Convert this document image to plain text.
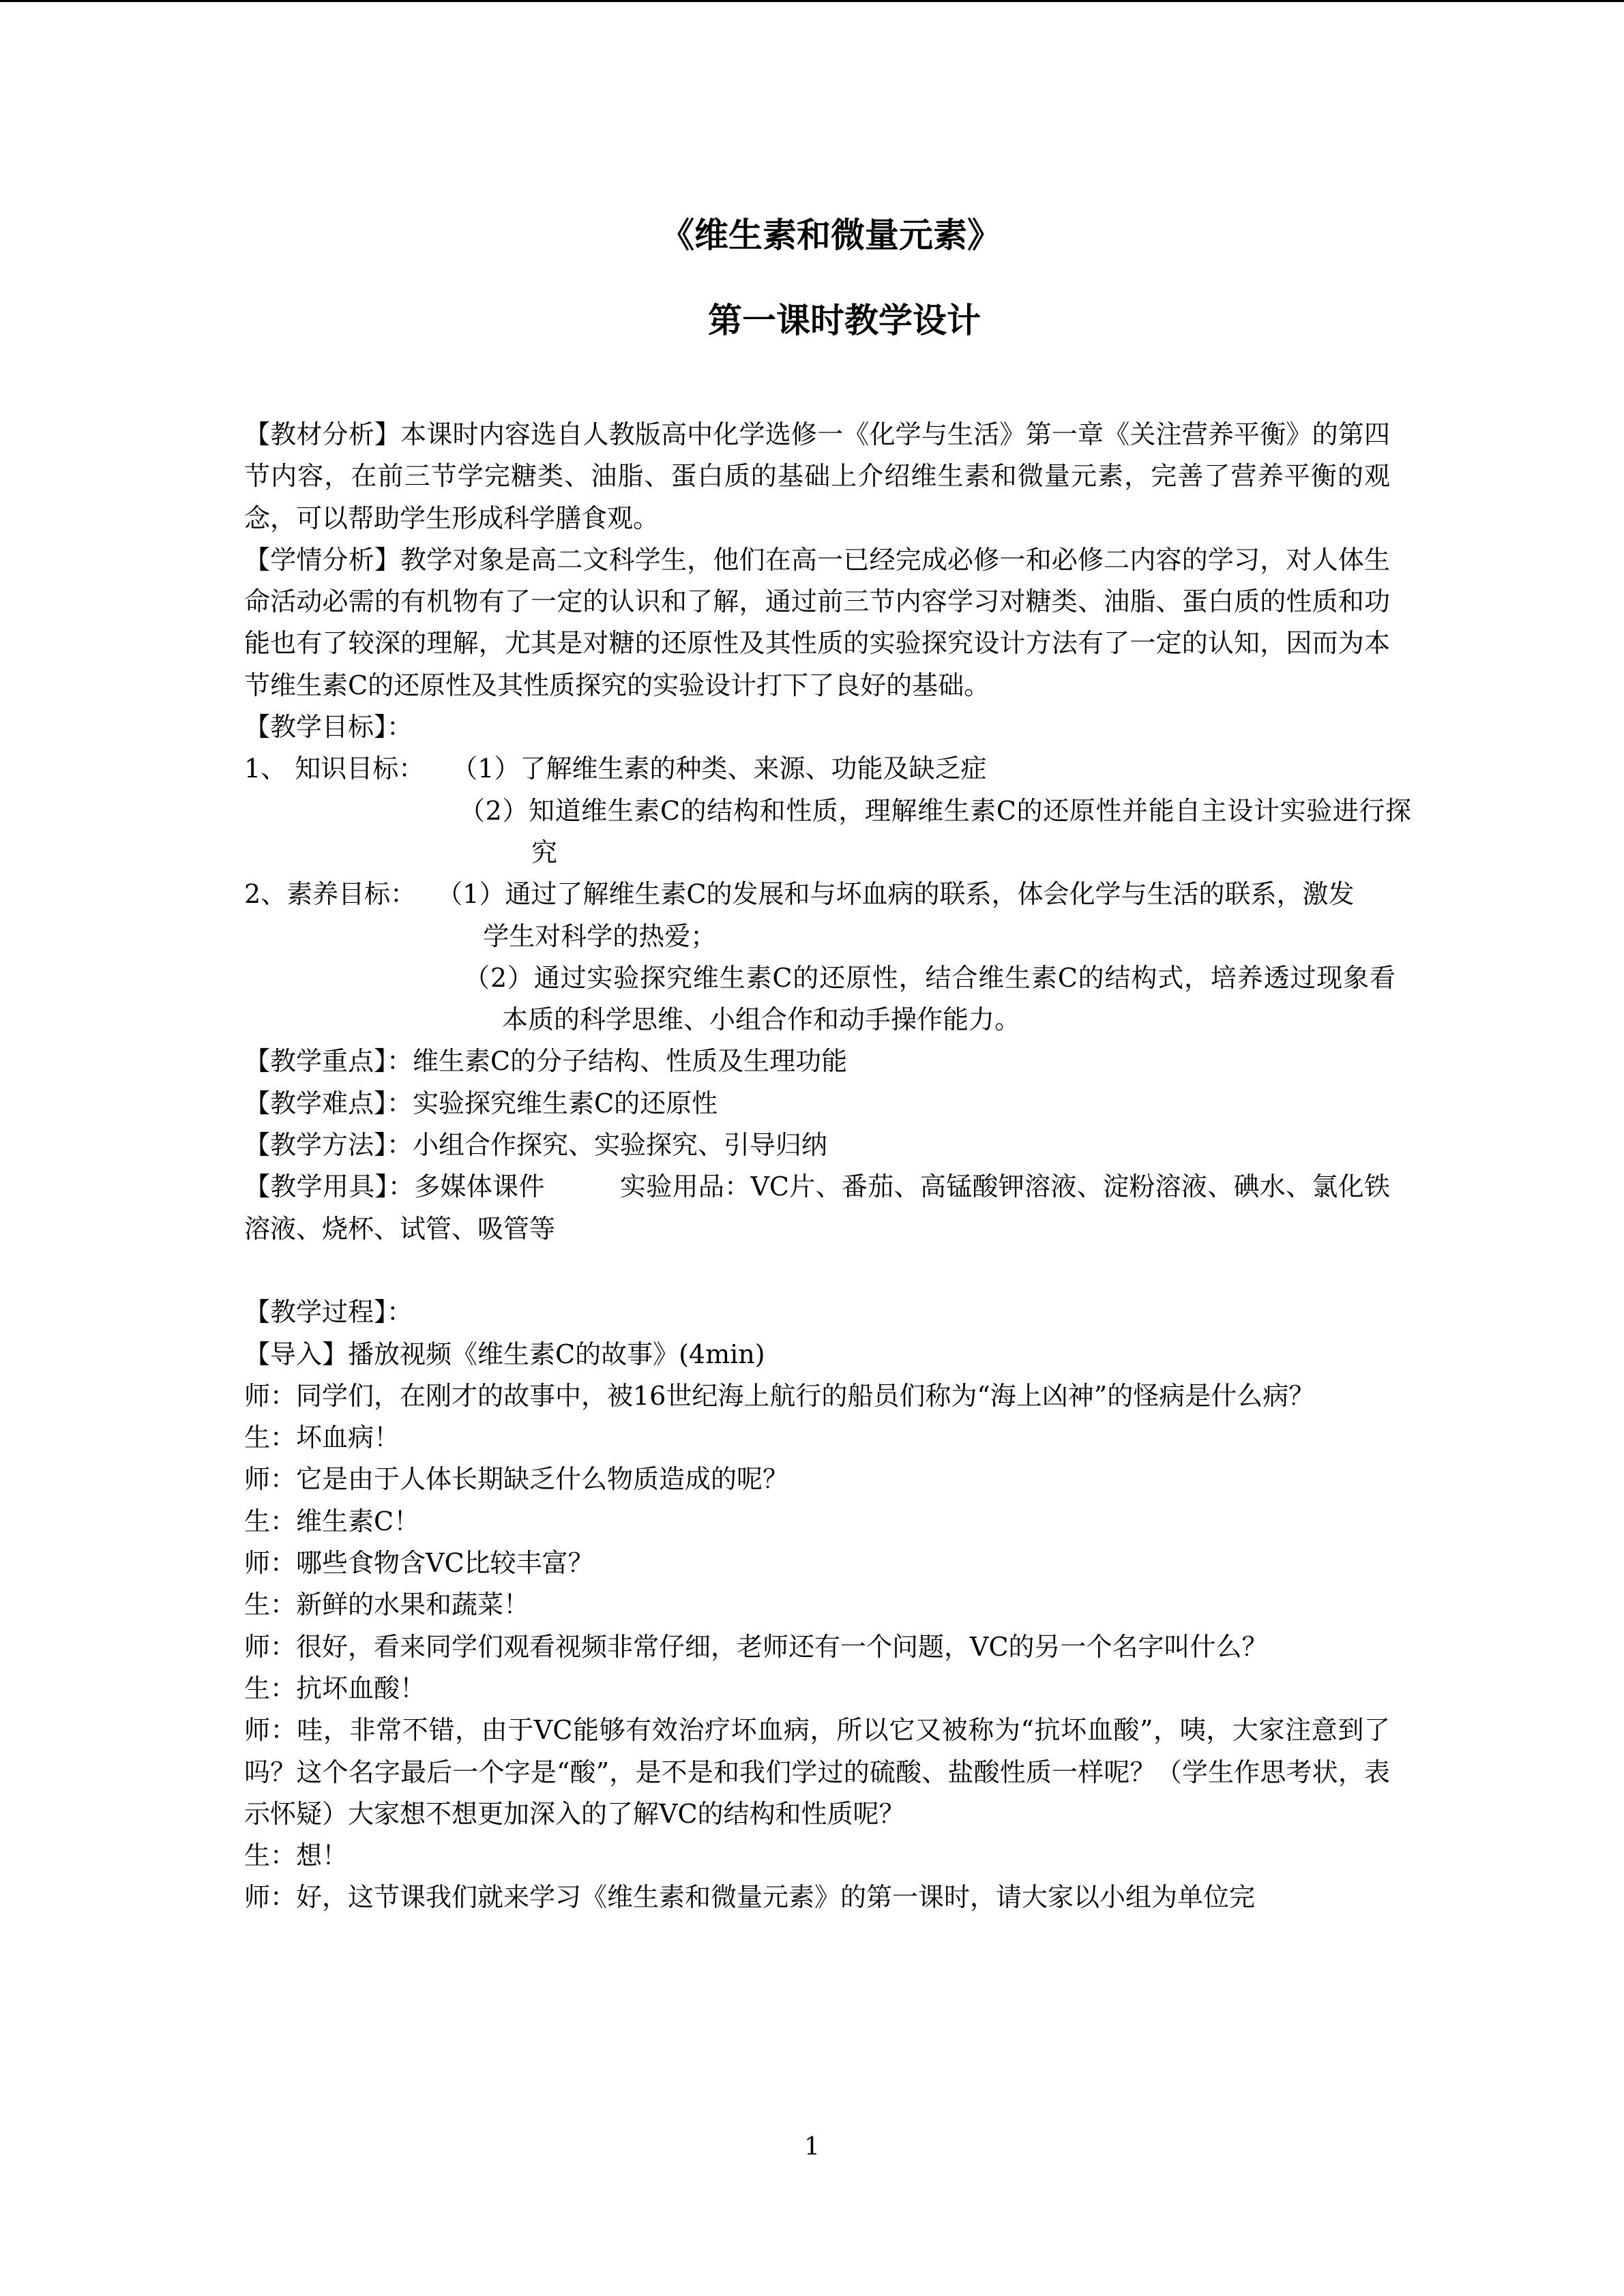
《维生素和微量元素》
第一课时教学设计

【教材分析】本课时内容选自人教版高中化学选修一《化学与生活》第一章《关注营养平衡》的第四节内容，在前三节学完糖类、油脂、蛋白质的基础上介绍维生素和微量元素，完善了营养平衡的观念，可以帮助学生形成科学膳食观。

【学情分析】教学对象是高二文科学生，他们在高一已经完成必修一和必修二内容的学习，对人体生命活动必需的有机物有了一定的认识和了解，通过前三节内容学习对糖类、油脂、蛋白质的性质和功能也有了较深的理解，尤其是对糖的还原性及其性质的实验探究设计方法有了一定的认知，因而为本节维生素C的还原性及其性质探究的实验设计打下了良好的基础。

【教学目标】：

1、 知识目标：	（1）了解维生素的种类、来源、功能及缺乏症

（2）知道维生素C的结构和性质，理解维生素C的还原性并能自主设计实验进行探究

2、素养目标： （1）通过了解维生素C的发展和与坏血病的联系，体会化学与生活的联系，激发学生对科学的热爱；

（2）通过实验探究维生素C的还原性，结合维生素C的结构式，培养透过现象看本质的科学思维、小组合作和动手操作能力。

【教学重点】：维生素C的分子结构、性质及生理功能

【教学难点】：实验探究维生素C的还原性

【教学方法】：小组合作探究、实验探究、引导归纳

【教学用具】：多媒体课件	实验用品：VC片、番茄、高锰酸钾溶液、淀粉溶液、碘水、氯化铁溶液、烧杯、试管、吸管等

【教学过程】：

【导入】播放视频《维生素C的故事》(4min)

师：同学们，在刚才的故事中，被16世纪海上航行的船员们称为“海上凶神”的怪病是什么病？

生：坏血病！

师：它是由于人体长期缺乏什么物质造成的呢？

生：维生素C！

师：哪些食物含VC比较丰富？

生：新鲜的水果和蔬菜！

师：很好，看来同学们观看视频非常仔细，老师还有一个问题，VC的另一个名字叫什么？

生：抗坏血酸！

师：哇，非常不错，由于VC能够有效治疗坏血病，所以它又被称为“抗坏血酸”，咦，大家注意到了吗？这个名字最后一个字是“酸”，是不是和我们学过的硫酸、盐酸性质一样呢？（学生作思考状，表示怀疑）大家想不想更加深入的了解VC的结构和性质呢？

生：想！

师：好，这节课我们就来学习《维生素和微量元素》的第一课时，请大家以小组为单位完

1
